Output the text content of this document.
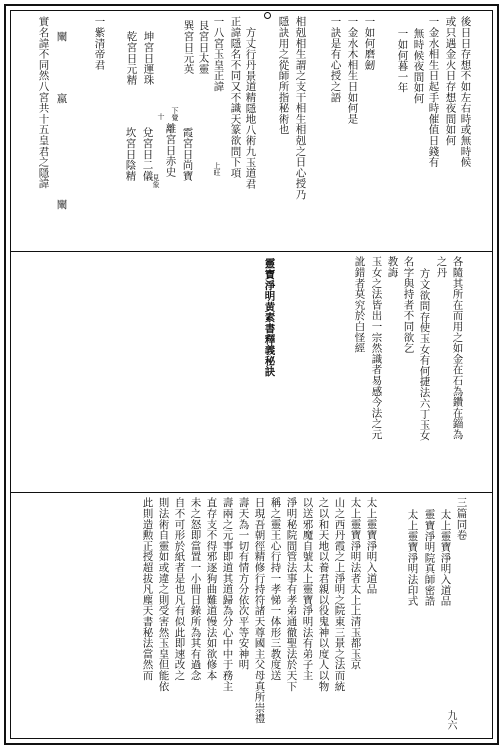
後日日存想不如左右時或無時候
或只遇金火日存想夜間如何
一金水相生日起手時催值日錢有
無時候夜間如何
一如何暮一年
一如何磨劒
一金水木相生日如何是
一訣是有心授之語
相剋相生謂之支干相生相剋之日心授乃
隱訣用之從師所指秘術也
方丈行丹景道精隱地八術九玉道君
正諱隱名不同又不識天篆欲問下項
一八宮玉皇正諱
艮宮日太靈
巽宮日元英
坤宮日運珠
乾宮日元精
一紫清帝君
霞宮日尚寶
離宮日赤史
兌宮日二儀
坎宮日陰精	上旺
下覺
見象
十
實名諱不同然八宮共十五皇君之隱諱 闡
嬴
闡
各隨其所在而用之如金在石為鑽在錙為
之丹
方文欲問存使玉女有何捷法六丁玉女
名字與持者不同欲乞
教誨
玉女之法皆出一宗然識者易感今法之元
訛錯者莫究於白怪經
靈寶淨明黄素書釋義秘訣
三篇同卷
太上靈寶淨明入道品
靈寶淨明院真師密誥
太上靈寶淨明法印式
太上靈寶淨明入道品
太上靈寶淨明法者太上上清玉都玉京
山之西丹霞之上淨明之院東三景之法而統
之以和天地以養君親以役鬼神以度人以物
以送邪魔自號太上靈寶淨明法有弟子主
淨明秘院間管法事有孝弟通徹聖法於天下
稱之靈王心行持一孝悌一体形三教度送
日現吾朝徑精修行持符諸天尊國主父母真所崇禮
壽天為一切有情方分依次平等安神明
壽兩之元事即道其道歸為分心中中于務主
直存支不得邪逐狗曲難道慢法如欲修本
未之怒即當置一小冊日錄所為其有過念
自不可形於紙者是也凡有似此即速改之
則法術自靈如或違之則受害然玉皇但能依
此則造勲正授超拔凡塵天書秘法當然而
九六
